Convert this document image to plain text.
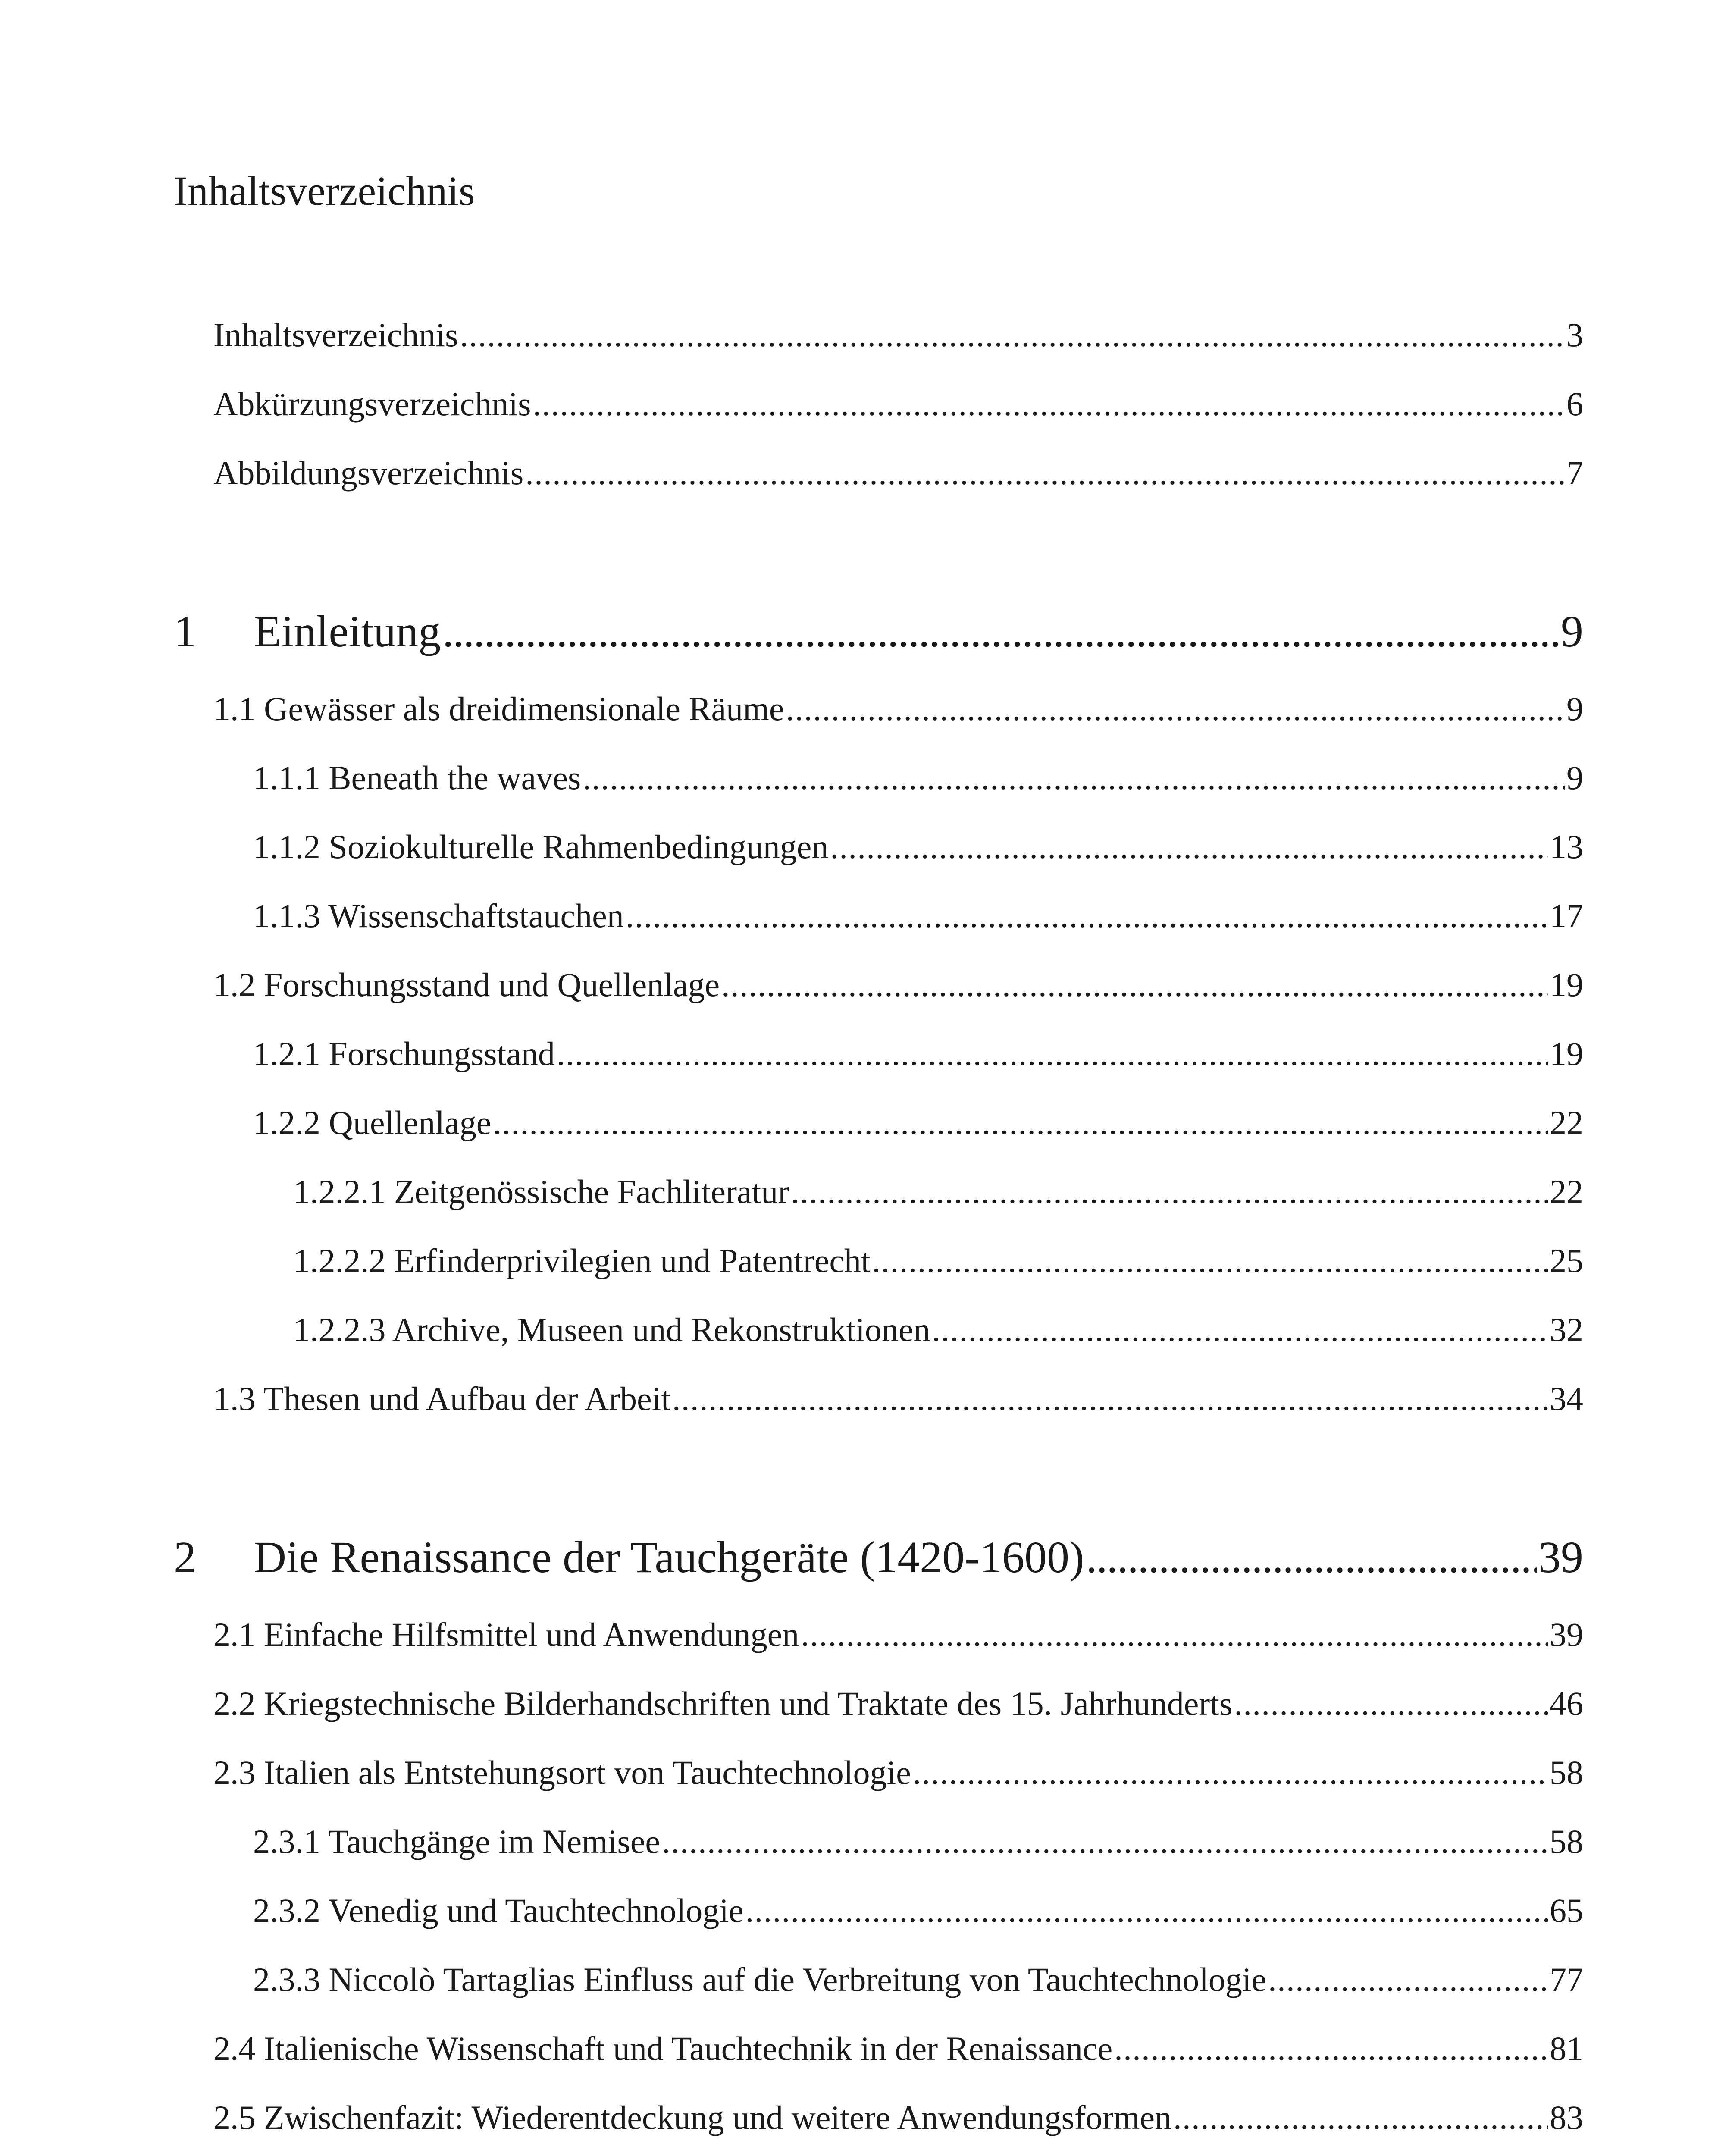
Inhaltsverzeichnis
Inhaltsverzeichnis . . .	3
Abkürzungsverzeichnis . . .	6
Abbildungsverzeichnis . . .	7
1 Einleitung . . .	9
1.1 Gewässer als dreidimensionale Räume . . .	9
1.1.1 Beneath the waves . . .	9
1.1.2 Soziokulturelle Rahmenbedingungen . . .	13
1.1.3 Wissenschaftstauchen . . .	17
1.2 Forschungsstand und Quellenlage . . .	19
1.2.1 Forschungsstand . . .	19
1.2.2 Quellenlage . . .	22
1.2.2.1 Zeitgenössische Fachliteratur . . .	22
1.2.2.2 Erfinderprivilegien und Patentrecht . . .	25
1.2.2.3 Archive, Museen und Rekonstruktionen . . .	32
1.3 Thesen und Aufbau der Arbeit . . .	34
2 Die Renaissance der Tauchgeräte (1420-1600) . . .	39
2.1 Einfache Hilfsmittel und Anwendungen . . .	39
2.2 Kriegstechnische Bilderhandschriften und Traktate des 15. Jahrhunderts . . .	46
2.3 Italien als Entstehungsort von Tauchtechnologie . . .	58
2.3.1 Tauchgänge im Nemisee . . .	58
2.3.2 Venedig und Tauchtechnologie . . .	65
2.3.3 Niccolò Tartaglias Einfluss auf die Verbreitung von Tauchtechnologie . . .	77
2.4 Italienische Wissenschaft und Tauchtechnik in der Renaissance . . .	81
2.5 Zwischenfazit: Wiederentdeckung und weitere Anwendungsformen . . .	83
